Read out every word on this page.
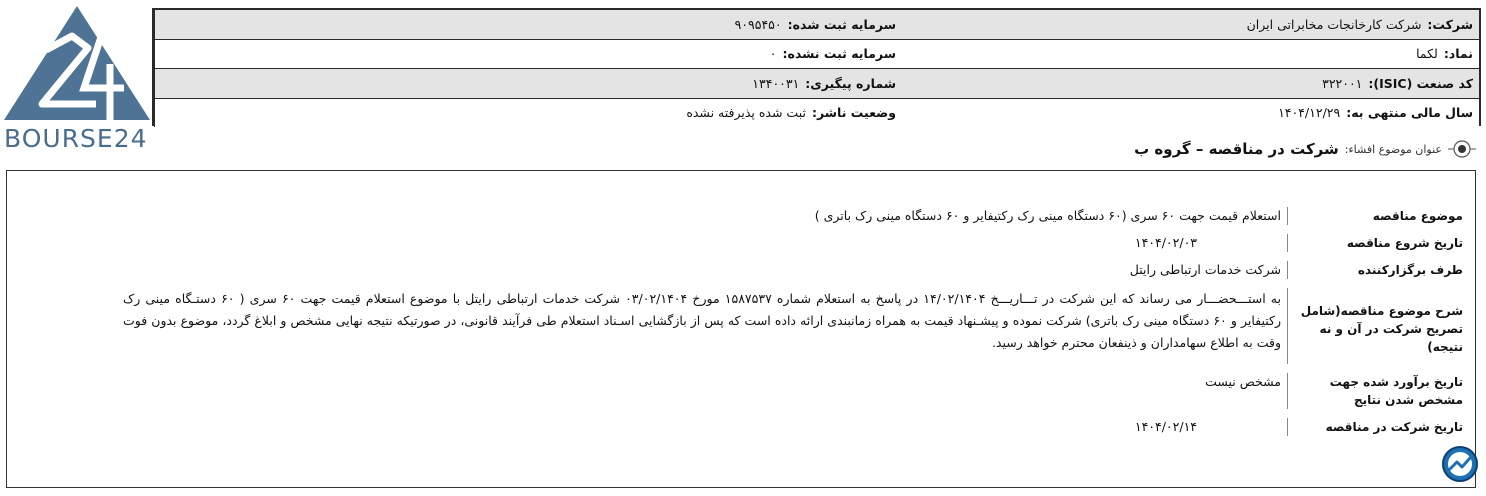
BOURSE24
شرکت:
شرکت کارخانجات مخابراتی ایران
سرمایه ثبت شده:
۹۰۹۵۴۵۰
نماد:
لکما
سرمایه ثبت نشده:
۰
کد صنعت (ISIC):
۳۲۲۰۰۱
شماره پیگیری:
۱۳۴۰۰۳۱
سال مالی منتهی به:
۱۴۰۴/۱۲/۲۹
وضعیت ناشر:
ثبت شده پذیرفته نشده
عنوان موضوع افشاء:
شرکت در مناقصه – گروه ب
موضوع مناقصه
استعلام قیمت جهت ۶۰ سری (۶۰ دستگاه مینی رک رکتیفایر و ۶۰ دستگاه مینی رک باتری )
تاریخ شروع مناقصه
۱۴۰۴/۰۲/۰۳
طرف برگزارکننده
شرکت خدمات ارتباطی رایتل
شرح موضوع مناقصه(شامل تصریح شرکت در آن و نه نتیجه)
به استـــحضـــار می رساند که این شرکت در تـــاریـــخ ۱۴/۰۲/۱۴۰۴ در پاسخ به استعلام شماره ۱۵۸۷۵۳۷ مورخ ۰۳/۰۲/۱۴۰۴ شرکت خدمات ارتباطی رایتل با موضوع استعلام قیمت جهت ۶۰ سری ( ۶۰ دستـگاه مینی رک رکتیفایر و ۶۰ دستگاه مینی رک باتری) شرکت نموده و پیشـنهاد قیمت به همراه زمانبندی ارائه داده است که پس از بازگشایی اسـناد استعلام طی فرآیند قانونی، در صورتیکه نتیجه نهایی مشخص و ابلاغ گردد، موضوع بدون فوت وقت به اطلاع سهامداران و ذینفعان محترم خواهد رسید.
تاریخ برآورد شده جهت مشخص شدن نتایج
مشخص نیست
تاریخ شرکت در مناقصه
۱۴۰۴/۰۲/۱۴
